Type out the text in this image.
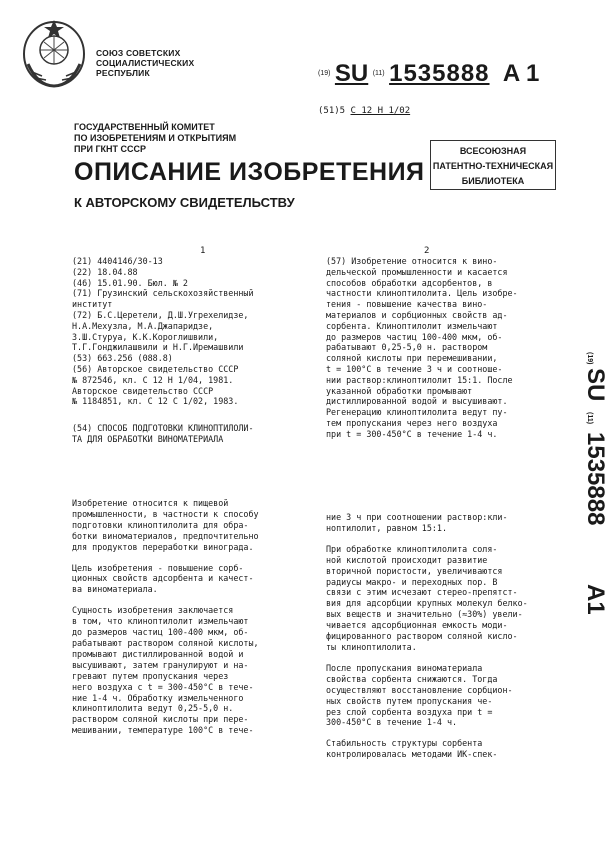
СОЮЗ СОВЕТСКИХ
СОЦИАЛИСТИЧЕСКИХ
РЕСПУБЛИК	$^{(19)}$ SU $^{(11)}$ 1535888 A 1
(51)5 C 12 H 1/02
ГОСУДАРСТВЕННЫЙ КОМИТЕТ
ПО ИЗОБРЕТЕНИЯМ И ОТКРЫТИЯМ
ПРИ ГКНТ СССР
ОПИСАНИЕ ИЗОБРЕТЕНИЯ
К АВТОРСКОМУ СВИДЕТЕЛЬСТВУ
ВСЕСОЮЗНАЯ
ПАТЕНТНО-ТЕХНИЧЕСКАЯ
БИБЛИОТЕКА
1	2
(21) 4404146/30-13
(22) 18.04.88
(46) 15.01.90. Бюл. № 2
(71) Грузинский сельскохозяйственный
институт
(72) Б.С.Церетели, Д.Ш.Угрехелидзе,
Н.А.Мехузла, М.А.Джапаридзе,
З.Ш.Стуруа, К.К.Короглишвили,
Т.Г.Гонджилашвили и Н.Г.Иремашвили
(53) 663.256 (088.8)
(56) Авторское свидетельство СССР
№ 872546, кл. C 12 H 1/04, 1981.
Авторское свидетельство СССР
№ 1184851, кл. C 12 C 1/02, 1983.
(54) СПОСОБ ПОДГОТОВКИ КЛИНОПТИЛОЛИ-
ТА ДЛЯ ОБРАБОТКИ ВИНОМАТЕРИАЛА
(57) Изобретение относится к вино-
дельческой промышленности и касается
способов обработки адсорбентов, в
частности клиноптилолита. Цель изобре-
тения - повышение качества вино-
материалов и сорбционных свойств ад-
сорбента. Клиноптилолит измельчают
до размеров частиц 100-400 мкм, об-
рабатывают 0,25-5,0 н. раствором
соляной кислоты при перемешивании,
t = 100°C в течение 3 ч и соотноше-
нии раствор:клиноптилолит 15:1. После
указанной обработки промывают
дистиллированной водой и высушивают.
Регенерацию клиноптилолита ведут пу-
тем пропускания через него воздуха
при t = 300-450°C в течение 1-4 ч.
Изобретение относится к пищевой
промышленности, в частности к способу
подготовки клиноптилолита для обра-
ботки виноматериалов, предпочтительно
для продуктов переработки винограда.
Цель изобретения - повышение сорб-
ционных свойств адсорбента и качест-
ва виноматериала.
Сущность изобретения заключается
в том, что клиноптилолит измельчают
до размеров частиц 100-400 мкм, об-
рабатывают раствором соляной кислоты,
промывают дистиллированной водой и
высушивают, затем гранулируют и на-
гревают путем пропускания через
него воздуха с t = 300-450°C в тече-
ние 1-4 ч. Обработку измельченного
клиноптилолита ведут 0,25-5,0 н.
раствором соляной кислоты при пере-
мешивании, температуре 100°C в тече-
ние 3 ч при соотношении раствор:кли-
ноптилолит, равном 15:1.
При обработке клиноптилолита соля-
ной кислотой происходит развитие
вторичной пористости, увеличиваются
радиусы макро- и переходных пор. В
связи с этим исчезают стерео-препятст-
вия для адсорбции крупных молекул белко-
вых веществ и значительно (≈30%) увели-
чивается адсорбционная емкость моди-
фицированного раствором соляной кисло-
ты клиноптилолита.
После пропускания виноматериала
свойства сорбента снижаются. Тогда
осуществляют восстановление сорбцион-
ных свойств путем пропускания че-
рез слой сорбента воздуха при t =
300-450°C в течение 1-4 ч.
Стабильность структуры сорбента
контролировалась методами ИК-спек-
(19)
SU
(11)
1535888
A1
